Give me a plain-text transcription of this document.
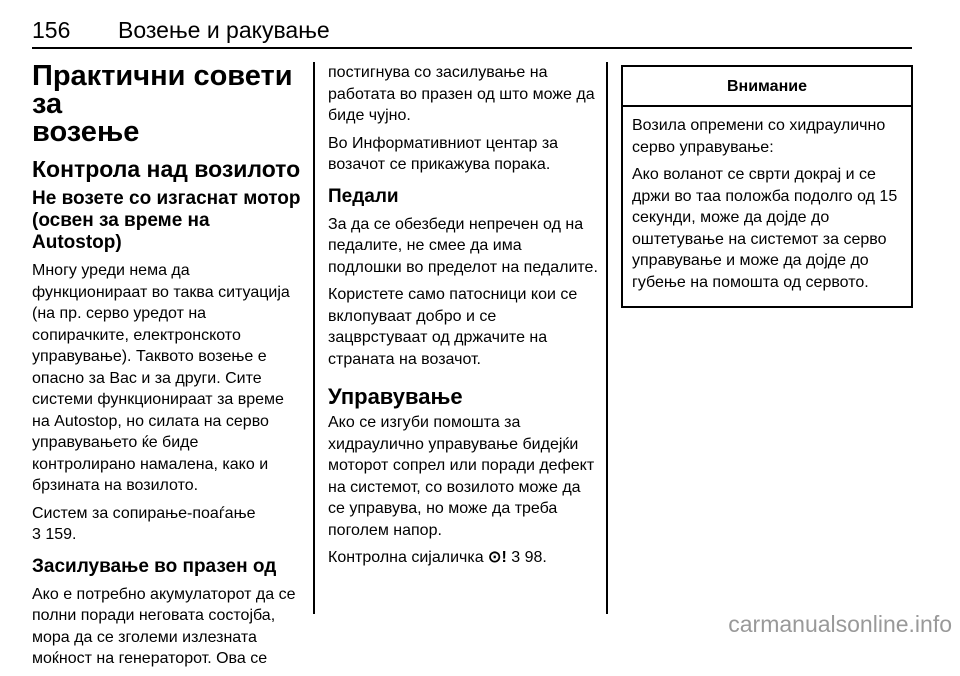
156 Возење и ракување
Практични совети за
возење
Контрола над возилото
Не возете со изгаснат мотор
(освен за време на Autostop)

Многу уреди нема да функционираат во таква ситуација (на пр. серво уредот на сопирачките, електронското управување). Таквото возење е опасно за Вас и за други. Сите системи функционираат за време на Autostop, но силата на серво управувањето ќе биде контролирано намалена, како и брзината на возилото.

Систем за сопирање-поаѓање
3 159.

Засилување во празен од

Ако е потребно акумулаторот да се полни поради неговата состојба, мора да се зголеми излезната моќност на генераторот. Ова се

постигнува со засилување на работата во празен од што може да биде чујно.

Во Информативниот центар за возачот се прикажува порака.

Педали

За да се обезбеди непречен од на педалите, не смее да има подлошки во пределот на педалите.

Користете само патосници кои се вклопуваат добро и се зацврстуваат од држачите на страната на возачот.

Управување

Ако се изгуби помошта за хидраулично управување бидејќи моторот сопрел или поради дефект на системот, со возилото може да се управува, но може да треба поголем напор.

Контролна сијаличка ⊙! 3 98.

Внимание

Возила опремени со хидраулично серво управување:

Ако воланот се сврти докрај и се држи во таа положба подолго од 15 секунди, може да дојде до оштетување на системот за серво управување и може да дојде до губење на помошта од сервото.

carmanualsonline.info
